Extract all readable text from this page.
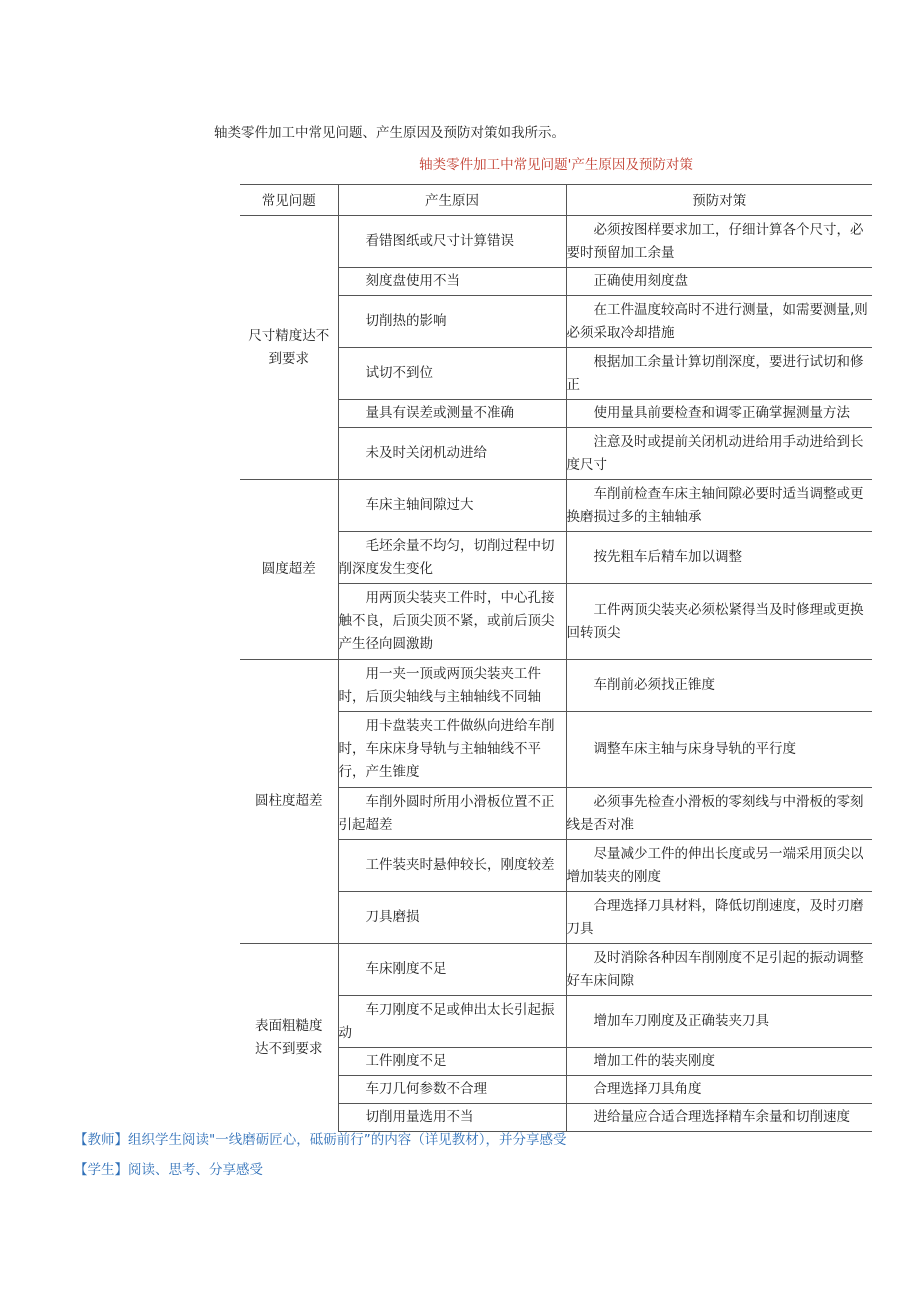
轴类零件加工中常见问题、产生原因及预防对策如我所示。
轴类零件加工中常见问题'产生原因及预防对策
常见问题	产生原因	预防对策
尺寸精度达不到要求	看错图纸或尺寸计算错误	必须按图样要求加工，仔细计算各个尺寸，必要时预留加工余量
	刻度盘使用不当	正确使用刻度盘
	切削热的影响	在工件温度较高时不进行测量，如需要测量,则必须采取冷却措施
	试切不到位	根据加工余量计算切削深度，要进行试切和修正
	量具有误差或测量不准确	使用量具前要检查和调零正确掌握测量方法
	未及时关闭机动进给	注意及时或提前关闭机动进给用手动进给到长度尺寸
圆度超差	车床主轴间隙过大	车削前检查车床主轴间隙必要时适当调整或更换磨损过多的主轴轴承
	毛坯余量不均匀，切削过程中切削深度发生变化	按先粗车后精车加以调整
	用两顶尖装夹工件时，中心孔接触不良，后顶尖顶不紧，或前后顶尖产生径向圆激勘	工件两顶尖装夹必须松紧得当及时修理或更换回转顶尖
圆柱度超差	用一夹一顶或两顶尖装夹工件时，后顶尖轴线与主轴轴线不同轴	车削前必须找正锥度
	用卡盘装夹工件做纵向进给车削时，车床床身导轨与主轴轴线不平行，产生锥度	调整车床主轴与床身导轨的平行度
	车削外圆时所用小滑板位置不正引起超差	必须事先检查小滑板的零刻线与中滑板的零刻线是否对准
	工件装夹时悬伸较长，刚度较差	尽量减少工件的伸出长度或另一端采用顶尖以增加装夹的刚度
	刀具磨损	合理选择刀具材料，降低切削速度，及时刃磨刀具
表面粗糙度达不到要求	车床刚度不足	及时消除各种因车削刚度不足引起的振动调整好车床间隙
	车刀刚度不足或伸出太长引起振动	增加车刀刚度及正确装夹刀具
	工件刚度不足	增加工件的装夹刚度
	车刀几何参数不合理	合理选择刀具角度
	切削用量选用不当	进给量应合适合理选择精车余量和切削速度
【教师】组织学生阅读"一线磨砺匠心，砥砺前行”的内容（详见教材），并分享感受
【学生】阅读、思考、分享感受
